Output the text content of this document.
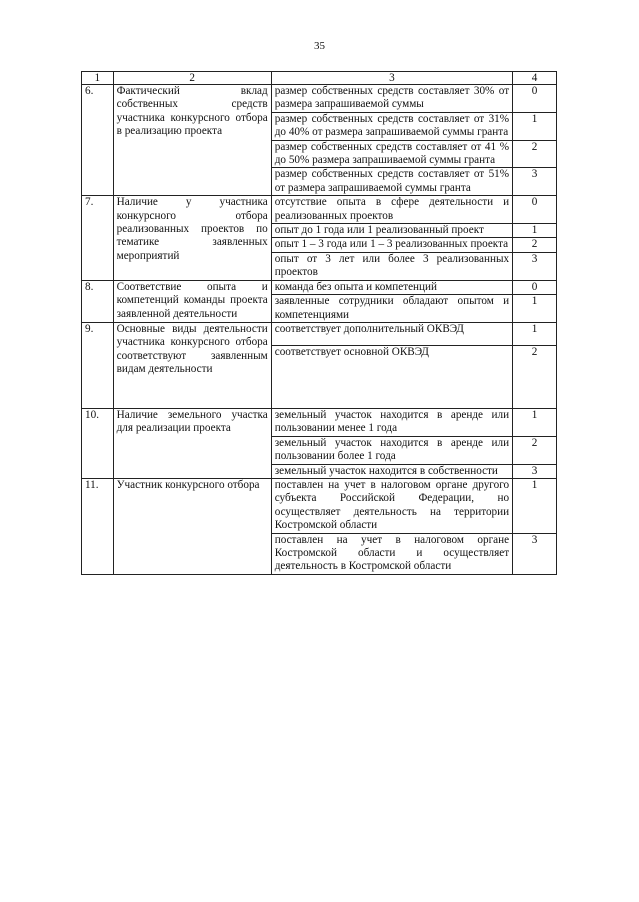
35
1	2	3	4
6.	Фактический вклад собственных средств участника конкурсного отбора в реализацию проекта	размер собственных средств составляет 30% от размера запрашиваемой суммы	0
		размер собственных средств составляет от 31% до 40% от размера запрашиваемой суммы гранта	1
		размер собственных средств составляет от 41 % до 50% размера запрашиваемой суммы гранта	2
		размер собственных средств составляет от 51% от размера запрашиваемой суммы гранта	3
7.	Наличие у участника конкурсного отбора реализованных проектов по тематике заявленных мероприятий	отсутствие опыта в сфере деятельности и реализованных проектов	0
		опыт до 1 года или 1 реализованный проект	1
		опыт 1 – 3 года или 1 – 3 реализованных проекта	2
		опыт от 3 лет или более 3 реализованных проектов	3
8.	Соответствие опыта и компетенций команды проекта заявленной деятельности	команда без опыта и компетенций	0
		заявленные сотрудники обладают опытом и компетенциями	1
9.	Основные виды деятельности участника конкурсного отбора соответствуют заявленным видам деятельности	соответствует дополнительный ОКВЭД	1
		соответствует основной ОКВЭД	2
10.	Наличие земельного участка для реализации проекта	земельный участок находится в аренде или пользовании менее 1 года	1
		земельный участок находится в аренде или пользовании более 1 года	2
		земельный участок находится в собственности	3
11.	Участник конкурсного отбора	поставлен на учет в налоговом органе другого субъекта Российской Федерации, но осуществляет деятельность на территории Костромской области	1
		поставлен на учет в налоговом органе Костромской области и осуществляет деятельность в Костромской области	3
